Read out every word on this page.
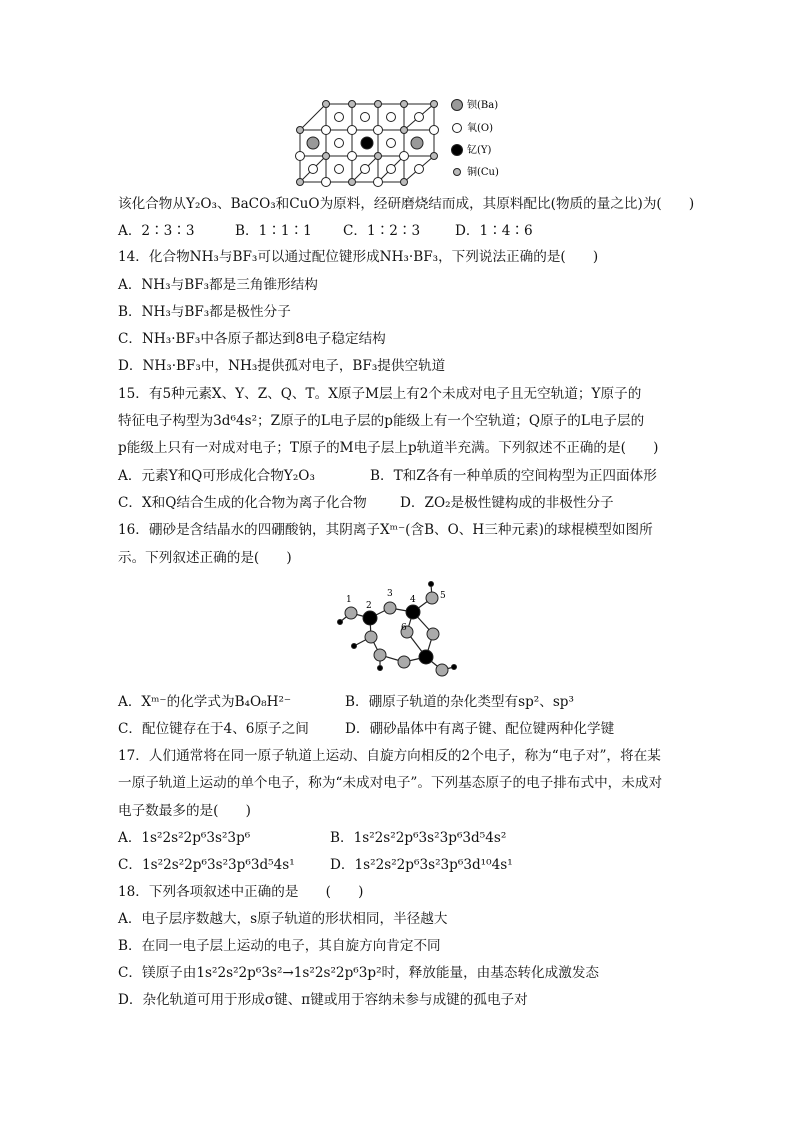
钡(Ba)
氧(O)
钇(Y)
铜(Cu)
该化合物从Y₂O₃、BaCO₃和CuO为原料，经研磨烧结而成，其原料配比(物质的量之比)为(　　)
A．2∶3∶3	B．1∶1∶1 C．1∶2∶3	D．1∶4∶6
14．化合物NH₃与BF₃可以通过配位键形成NH₃·BF₃，下列说法正确的是(　　)
A．NH₃与BF₃都是三角锥形结构
B．NH₃与BF₃都是极性分子
C．NH₃·BF₃中各原子都达到8电子稳定结构
D．NH₃·BF₃中，NH₃提供孤对电子，BF₃提供空轨道
15．有5种元素X、Y、Z、Q、T。X原子M层上有2个未成对电子且无空轨道；Y原子的
特征电子构型为3d⁶4s²；Z原子的L电子层的p能级上有一个空轨道；Q原子的L电子层的
p能级上只有一对成对电子；T原子的M电子层上p轨道半充满。下列叙述不正确的是(　　)
A．元素Y和Q可形成化合物Y₂O₃	B．T和Z各有一种单质的空间构型为正四面体形
C．X和Q结合生成的化合物为离子化合物 D．ZO₂是极性键构成的非极性分子
16．硼砂是含结晶水的四硼酸钠，其阴离子Xᵐ⁻(含B、O、H三种元素)的球棍模型如图所
示。下列叙述正确的是(　　)
1
2
3
4	5
6
A．Xᵐ⁻的化学式为B₄O₈H²⁻	B．硼原子轨道的杂化类型有sp²、sp³
C．配位键存在于4、6原子之间	D．硼砂晶体中有离子键、配位键两种化学键
17．人们通常将在同一原子轨道上运动、自旋方向相反的2个电子，称为“电子对”，将在某
一原子轨道上运动的单个电子，称为“未成对电子”。下列基态原子的电子排布式中，未成对
电子数最多的是(　　)
A．1s²2s²2p⁶3s²3p⁶	B．1s²2s²2p⁶3s²3p⁶3d⁵4s²
C．1s²2s²2p⁶3s²3p⁶3d⁵4s¹	D．1s²2s²2p⁶3s²3p⁶3d¹⁰4s¹
18．下列各项叙述中正确的是　　(　　)
A．电子层序数越大，s原子轨道的形状相同，半径越大
B．在同一电子层上运动的电子，其自旋方向肯定不同
C．镁原子由1s²2s²2p⁶3s²→1s²2s²2p⁶3p²时，释放能量，由基态转化成激发态
D．杂化轨道可用于形成σ键、π键或用于容纳未参与成键的孤电子对
